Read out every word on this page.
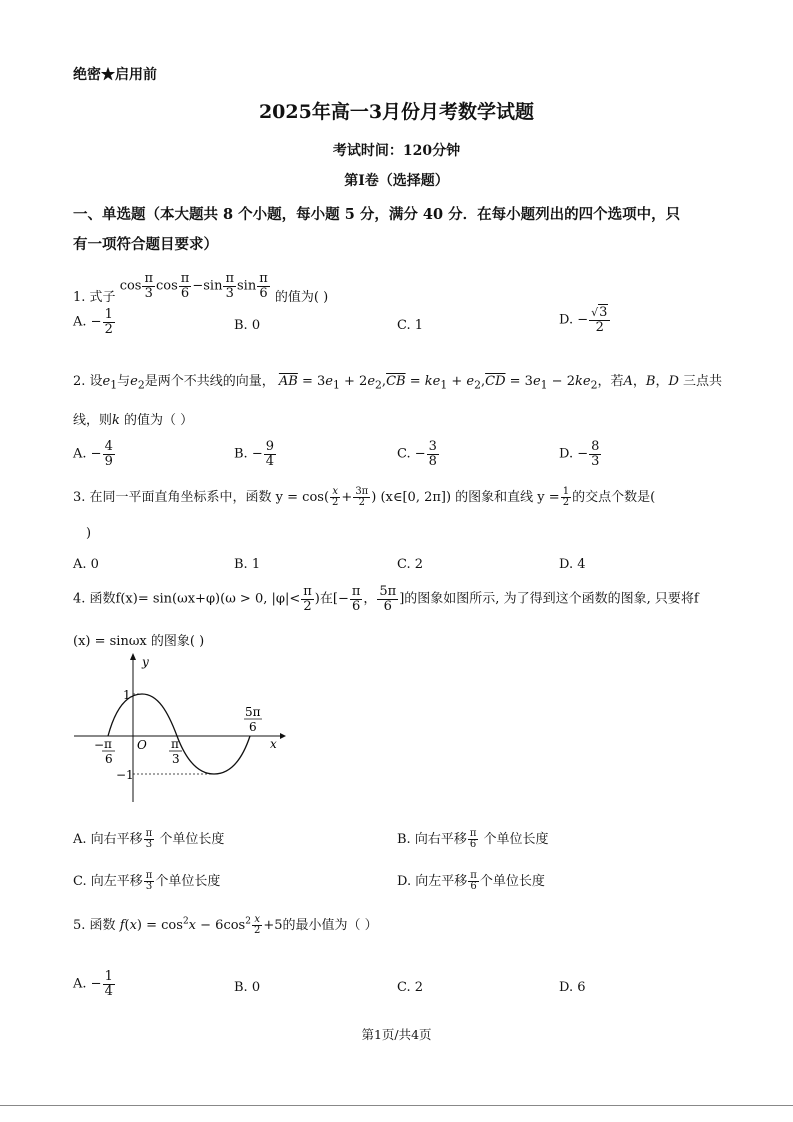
绝密★启用前
2025年高一3月份月考数学试题
考试时间：120分钟
第Ⅰ卷（选择题）
一、单选题（本大题共 8 个小题，每小题 5 分，满分 40 分．在每小题列出的四个选项中，只
有一项符合题目要求）
1. 式子 $\cos \frac{\pi}{3}$ $\cos \frac{\pi}{6} -\sin \frac{\pi}{3}$ $\sin \frac{\pi}{6}$ 的值为( )
A. − $\frac{1}{2}$	B. 0	C. 1	D. − $\frac{√3}{2}$
2. 设$e_1$与$e_2$是两个不共线的向量， $\overline{AB} = 3e_1 + 2e_2,\overline{CB} = ke_1 + e_2,\overline{CD} = 3e_1 - 2ke_2$，若A，B，D 三点共
线，则k 的值为（ ）
A. − $\frac{4}{9}$	B. − $\frac{9}{4}$	C. − $\frac{3}{8}$	D. − $\frac{8}{3}$
3. 在同一平面直角坐标系中，函数 $y = \cos( \frac{x}{2} + \frac{3\pi}{2}$ ) (x∈[0, 2π]) 的图象和直线 $y = \frac{1}{2}$ 的交点个数是(
)
A. 0	B. 1	C. 2	D. 4
4. 函数f(x)= sin(ωx+φ)(ω > 0, $|\varphi|< \frac{\pi}{2}$ )在[− $\frac{\pi}{6}$ ， $\frac{5\pi}{6}$ ]的图象如图所示, 为了得到这个函数的图象, 只要将f
(x) = sinωx 的图象( )
y
x
O
1
−1
− π
6
π
3
5π
6
A. 向右平移 $\frac{\pi}{3}$ 个单位长度	B. 向右平移 $\frac{\pi}{6}$ 个单位长度
C. 向左平移 $\frac{\pi}{3}$ 个单位长度	D. 向左平移 $\frac{\pi}{6}$ 个单位长度
5. 函数 $f(x) = \cos^2x - 6\cos^2 \frac{x}{2} +5$的最小值为（ ）
A. − $\frac{1}{4}$	B. 0	C. 2	D. 6
第1页/共4页
